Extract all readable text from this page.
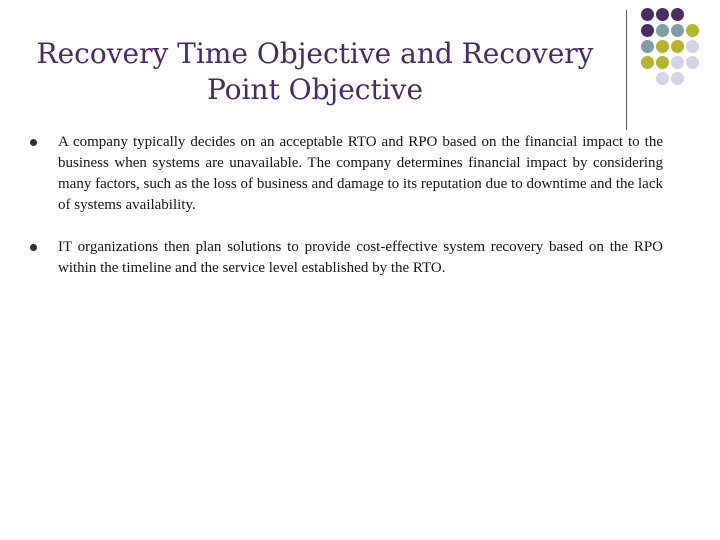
Recovery Time Objective and Recovery
Point Objective
A company typically decides on an acceptable RTO and RPO based on the financial impact to the business when systems are unavailable. The company determines financial impact by considering many factors, such as the loss of business and damage to its reputation due to downtime and the lack of systems availability.
IT organizations then plan solutions to provide cost-effective system recovery based on the RPO within the timeline and the service level established by the RTO.
